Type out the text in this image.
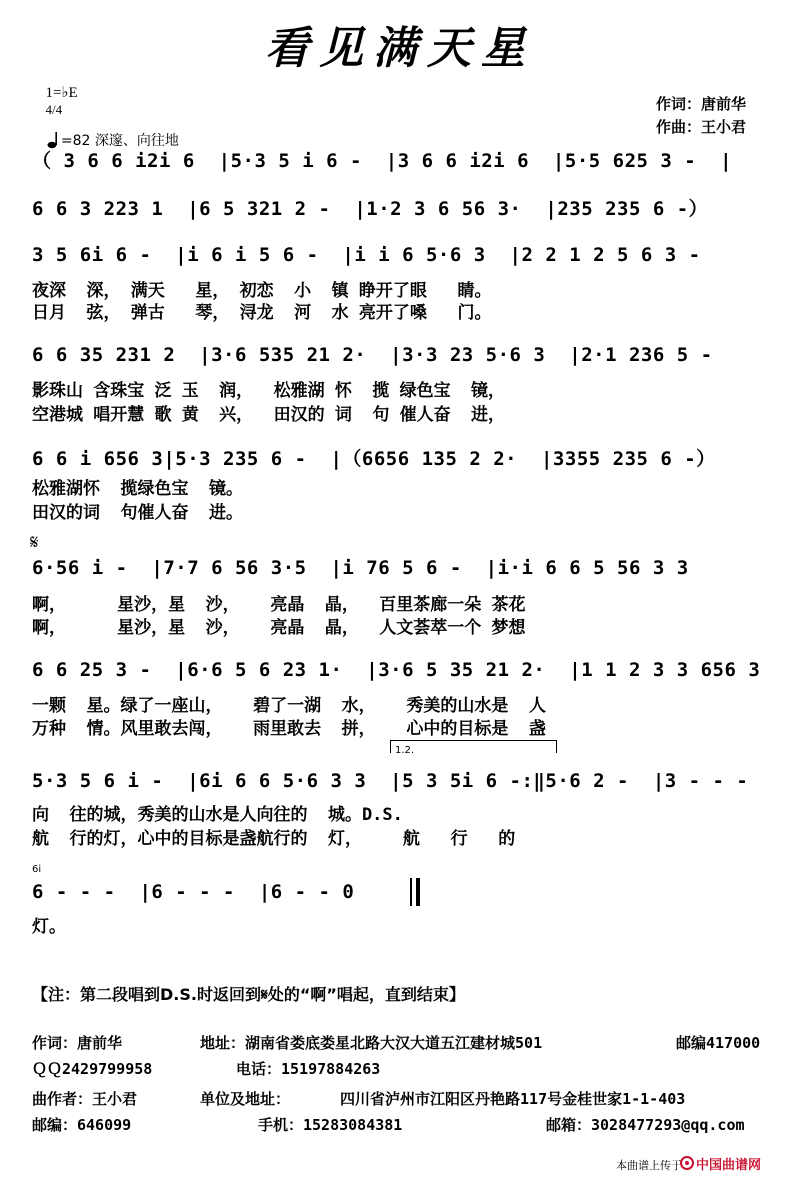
看见满天星

1=♭E
4/4

=82 深邃、向往地

作词：唐前华
作曲：王小君
（ 3 6 6 i2i 6  |5·3 5 i 6 -  |3 6 6 i2i 6  |5·5 625 3 -  |
6 6 3 223 1  |6 5 321 2 -  |1·2 3 6 56 3·  |235 235 6 -）
3 5 6i 6 -  |i 6 i 5 6 -  |i i 6 5·6 3  |2 2 1 2 5 6 3 -
夜深  深， 满天   星， 初恋  小  镇 睁开了眼   睛。
日月  弦， 弹古   琴， 浔龙  河  水 亮开了嗓   门。
6 6 35 231 2  |3·6 535 21 2·  |3·3 23 5·6 3  |2·1 236 5 -
影珠山 含珠宝 泛 玉  润，  松雅湖 怀  揽 绿色宝  镜，
空港城 唱开慧 歌 黄  兴，  田汉的 词  句 催人奋  进，
6 6 i 656 3|5·3 235 6 -  |（6656 135 2 2·  |3355 235 6 -）
松雅湖怀  揽绿色宝  镜。
田汉的词  句催人奋  进。
𝄋
6·56 i -  |7·7 6 56 3·5  |i 76 5 6 -  |i·i 6 6 5 56 3 3
啊，     星沙，星  沙，   亮晶  晶，  百里茶廊一朵 茶花
啊，     星沙，星  沙，   亮晶  晶，  人文荟萃一个 梦想
6 6 25 3 -  |6·6 5 6 23 1·  |3·6 5 35 21 2·  |1 1 2 3 3 656 3
一颗  星。绿了一座山，   碧了一湖  水，   秀美的山水是  人
万种  情。风里敢去闯，   雨里敢去  拼，   心中的目标是  盏
1.2.
5·3 5 6 i -  |6i 6 6 5·6 3 3  |5 3 5i 6 -:‖5·6 2 -  |3 - - -
向  往的城，秀美的山水是人向往的  城。D.S.
航  行的灯，心中的目标是盏航行的  灯，    航   行   的
6i
6 - - -  |6 - - -  |6 - - 0
灯。
【注：第二段唱到D.S.时返回到𝄋处的“啊”唱起，直到结束】
作词：唐前华	地址：湖南省娄底娄星北路大汉大道五江建材城501	邮编417000
ＱＱ2429799958	电话：15197884263
曲作者：王小君	单位及地址：	四川省泸州市江阳区丹艳路117号金桂世家1-1-403
邮编：646099	手机：15283084381	邮箱：3028477293@qq.com
本曲谱上传于 中国曲谱网
